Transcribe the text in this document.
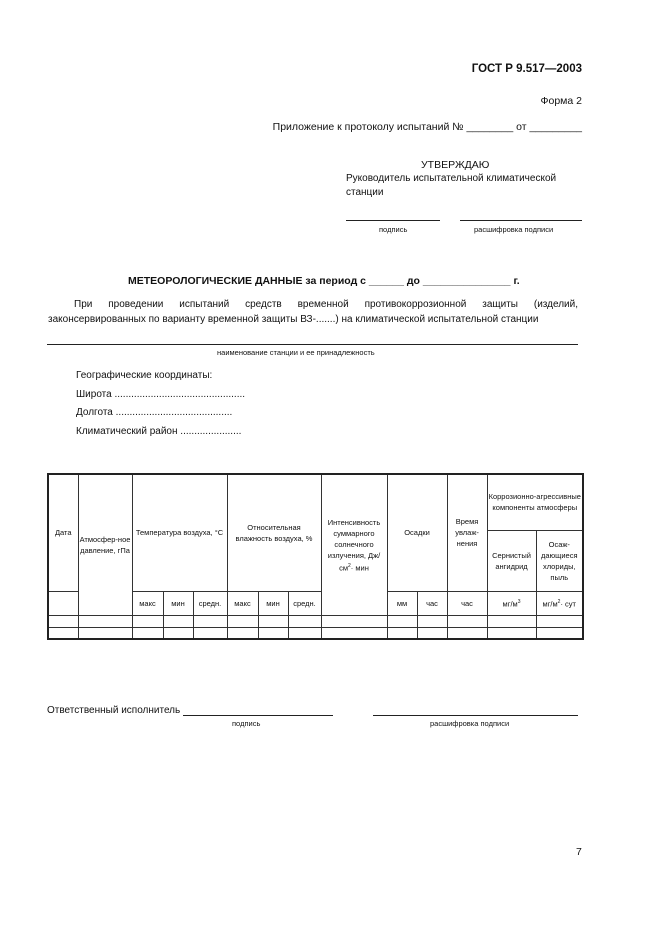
ГОСТ Р 9.517—2003
Форма 2
Приложение к протоколу испытаний № ________ от _________
УТВЕРЖДАЮ
Руководитель испытательной климатической станции
подпись	расшифровка подписи
МЕТЕОРОЛОГИЧЕСКИЕ ДАННЫЕ за период с ______ до _______________ г.
При проведении испытаний средств временной противокоррозионной защиты (изделий, законсервированных по варианту временной защиты ВЗ-.......) на климатической испытательной станции
наименование станции и ее принадлежность
Географические координаты:
Широта ...............................................
Долгота ..........................................
Климатический район ......................
Дата	Атмосфер-ное давление, гПа	Температура воздуха, °С			Относительная влажность воздуха, %			Интенсивность суммарного солнечного излучения, $Дж/см^2\cdot$ мин	Осадки		Время увлаж-нения	Коррозионно-агрессивные компоненты атмосферы	
												Сернистый ангидрид	Осаж-дающиеся хлориды, пыль
		макс	мин	средн.	макс	мин	средн.		мм	час	час	$мг/м^3$	$мг/м^2\cdot$ сут

Ответственный исполнитель
подпись	расшифровка подписи
7
